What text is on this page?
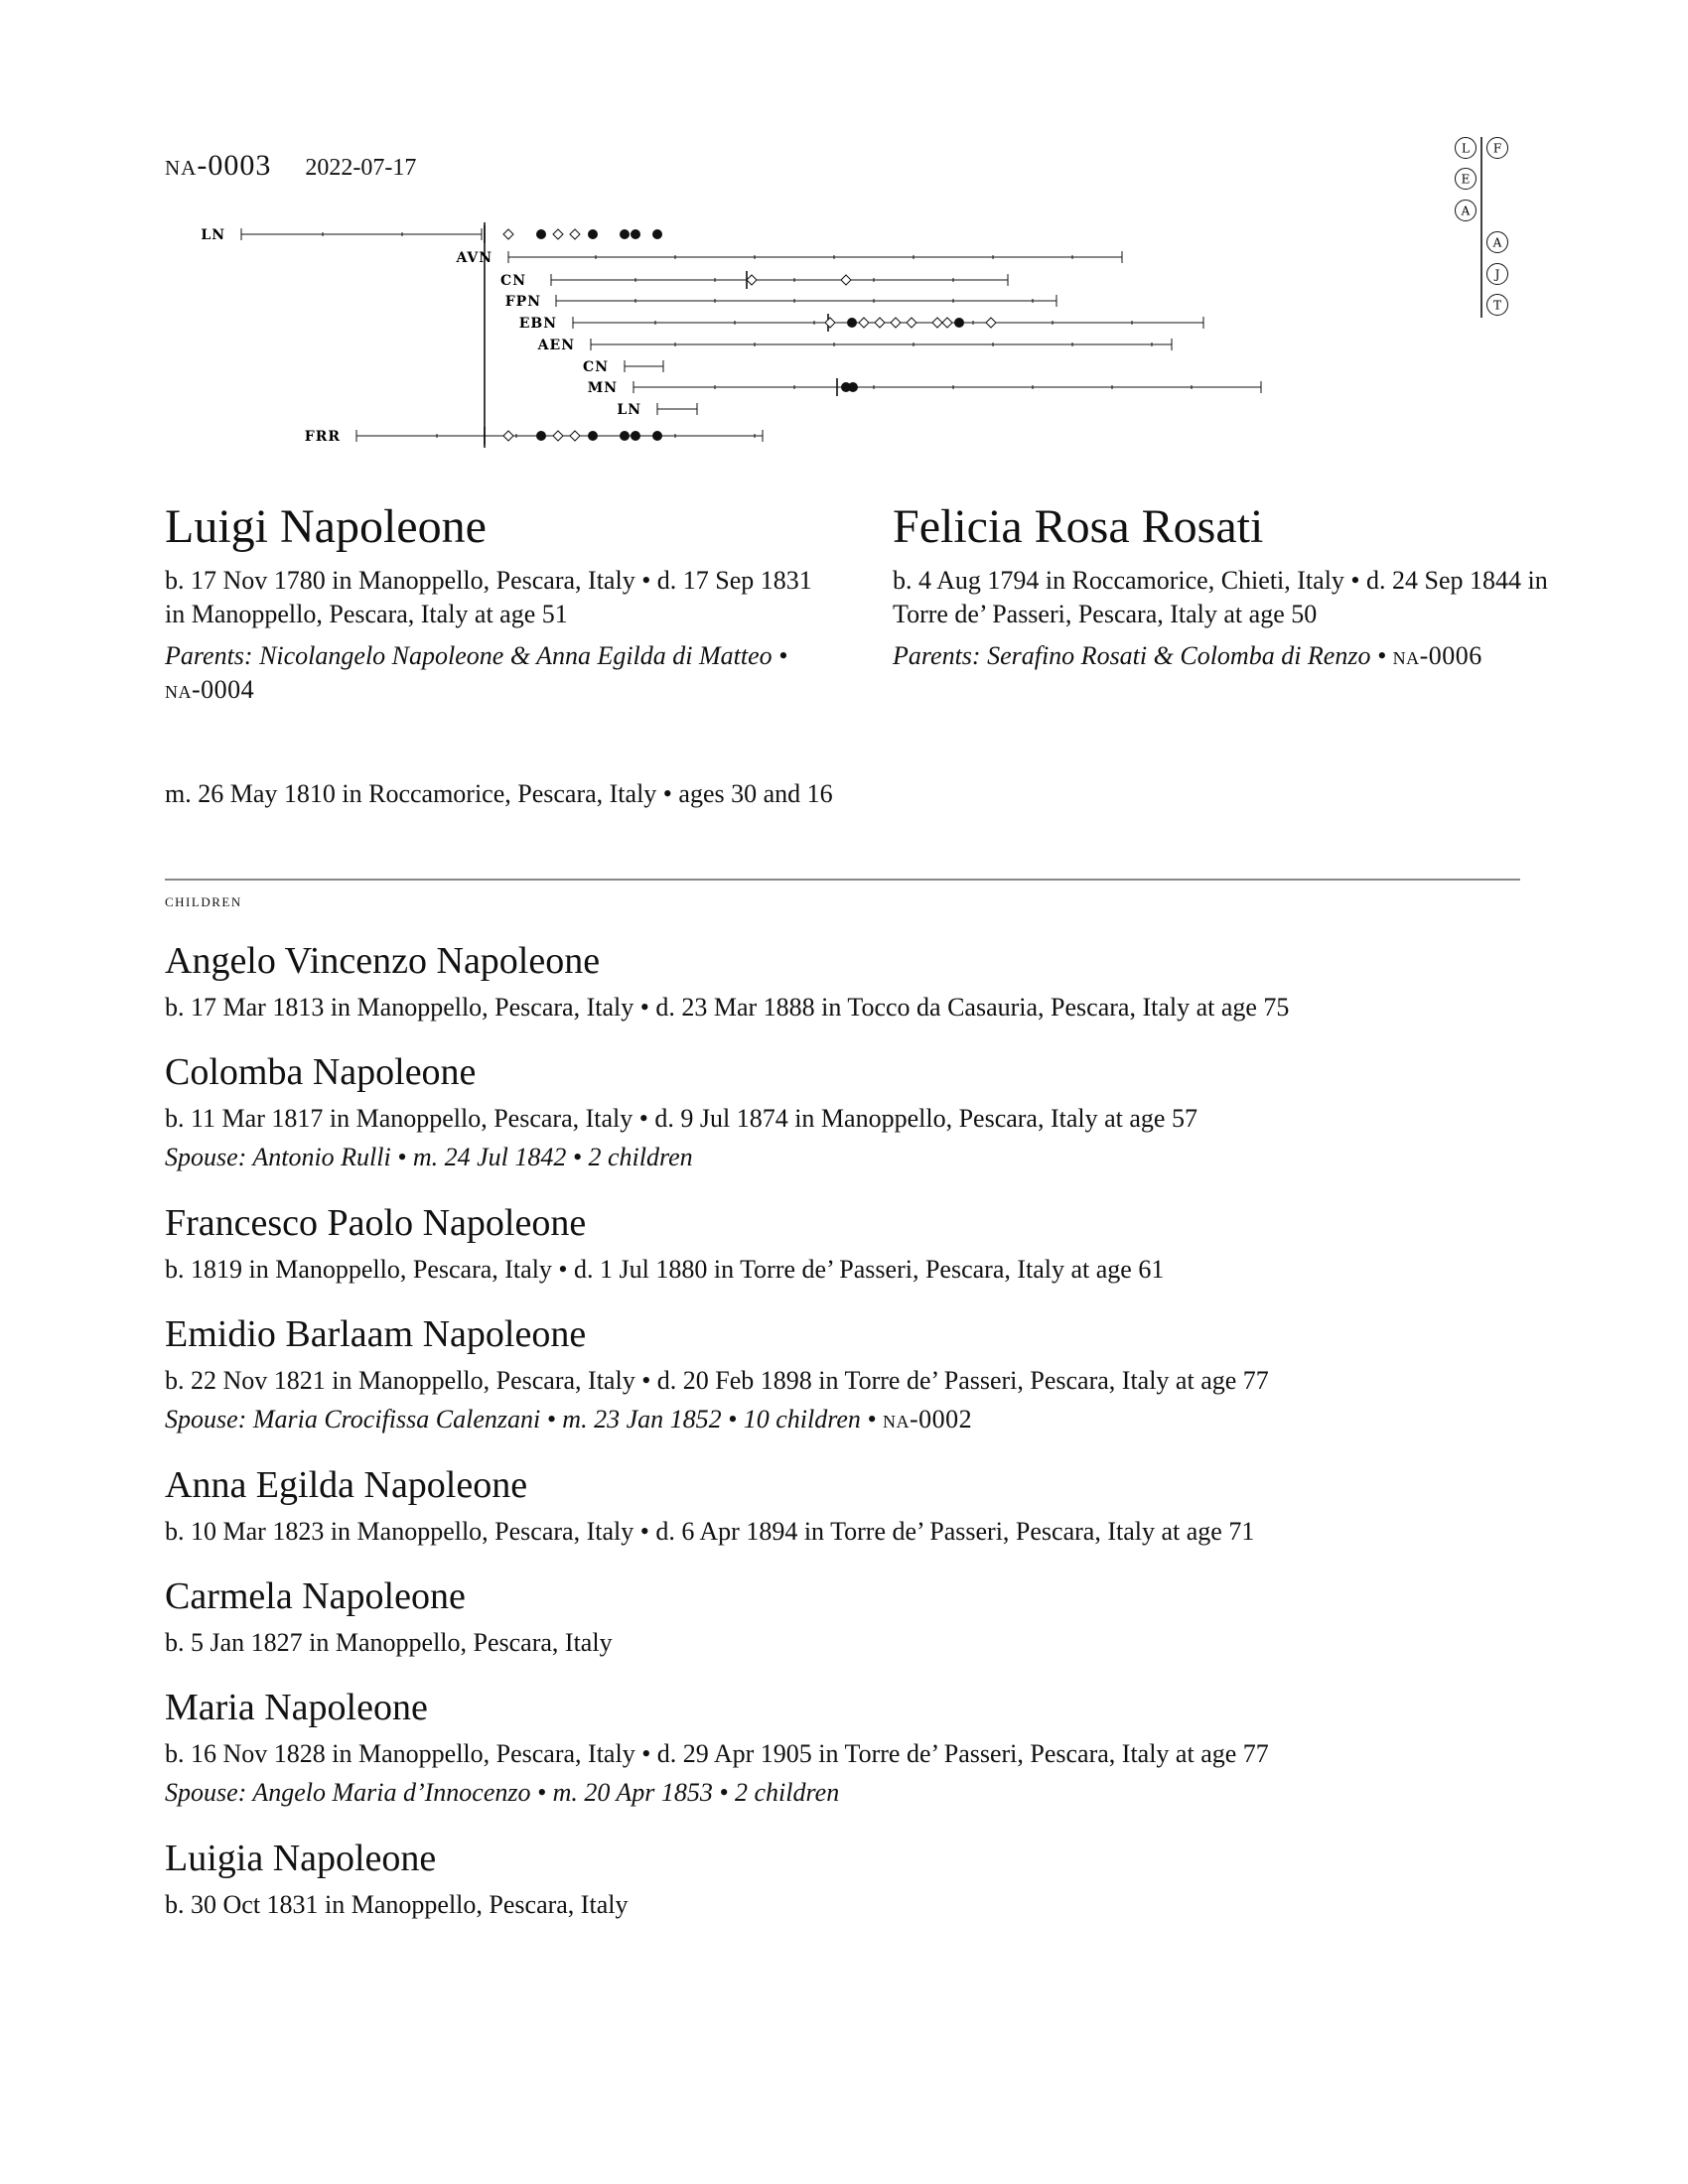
na-0003 2022-07-17
LN
AVN
CN
FPN
EBN
AEN
CN
MN
LN
FRR
L F
E
A
A
J
T
Luigi Napoleone
b. 17 Nov 1780 in Manoppello, Pescara, Italy • d. 17 Sep 1831 in Manoppello, Pescara, Italy at age 51
Parents: Nicolangelo Napoleone & Anna Egilda di Matteo • na-0004
Felicia Rosa Rosati
b. 4 Aug 1794 in Roccamorice, Chieti, Italy • d. 24 Sep 1844 in Torre de’ Passeri, Pescara, Italy at age 50
Parents: Serafino Rosati & Colomba di Renzo • na-0006
m. 26 May 1810 in Roccamorice, Pescara, Italy • ages 30 and 16
children
Angelo Vincenzo Napoleone
b. 17 Mar 1813 in Manoppello, Pescara, Italy • d. 23 Mar 1888 in Tocco da Casauria, Pescara, Italy at age 75
Colomba Napoleone
b. 11 Mar 1817 in Manoppello, Pescara, Italy • d. 9 Jul 1874 in Manoppello, Pescara, Italy at age 57
Spouse: Antonio Rulli • m. 24 Jul 1842 • 2 children
Francesco Paolo Napoleone
b. 1819 in Manoppello, Pescara, Italy • d. 1 Jul 1880 in Torre de’ Passeri, Pescara, Italy at age 61
Emidio Barlaam Napoleone
b. 22 Nov 1821 in Manoppello, Pescara, Italy • d. 20 Feb 1898 in Torre de’ Passeri, Pescara, Italy at age 77
Spouse: Maria Crocifissa Calenzani • m. 23 Jan 1852 • 10 children • na-0002
Anna Egilda Napoleone
b. 10 Mar 1823 in Manoppello, Pescara, Italy • d. 6 Apr 1894 in Torre de’ Passeri, Pescara, Italy at age 71
Carmela Napoleone
b. 5 Jan 1827 in Manoppello, Pescara, Italy
Maria Napoleone
b. 16 Nov 1828 in Manoppello, Pescara, Italy • d. 29 Apr 1905 in Torre de’ Passeri, Pescara, Italy at age 77
Spouse: Angelo Maria d’Innocenzo • m. 20 Apr 1853 • 2 children
Luigia Napoleone
b. 30 Oct 1831 in Manoppello, Pescara, Italy
